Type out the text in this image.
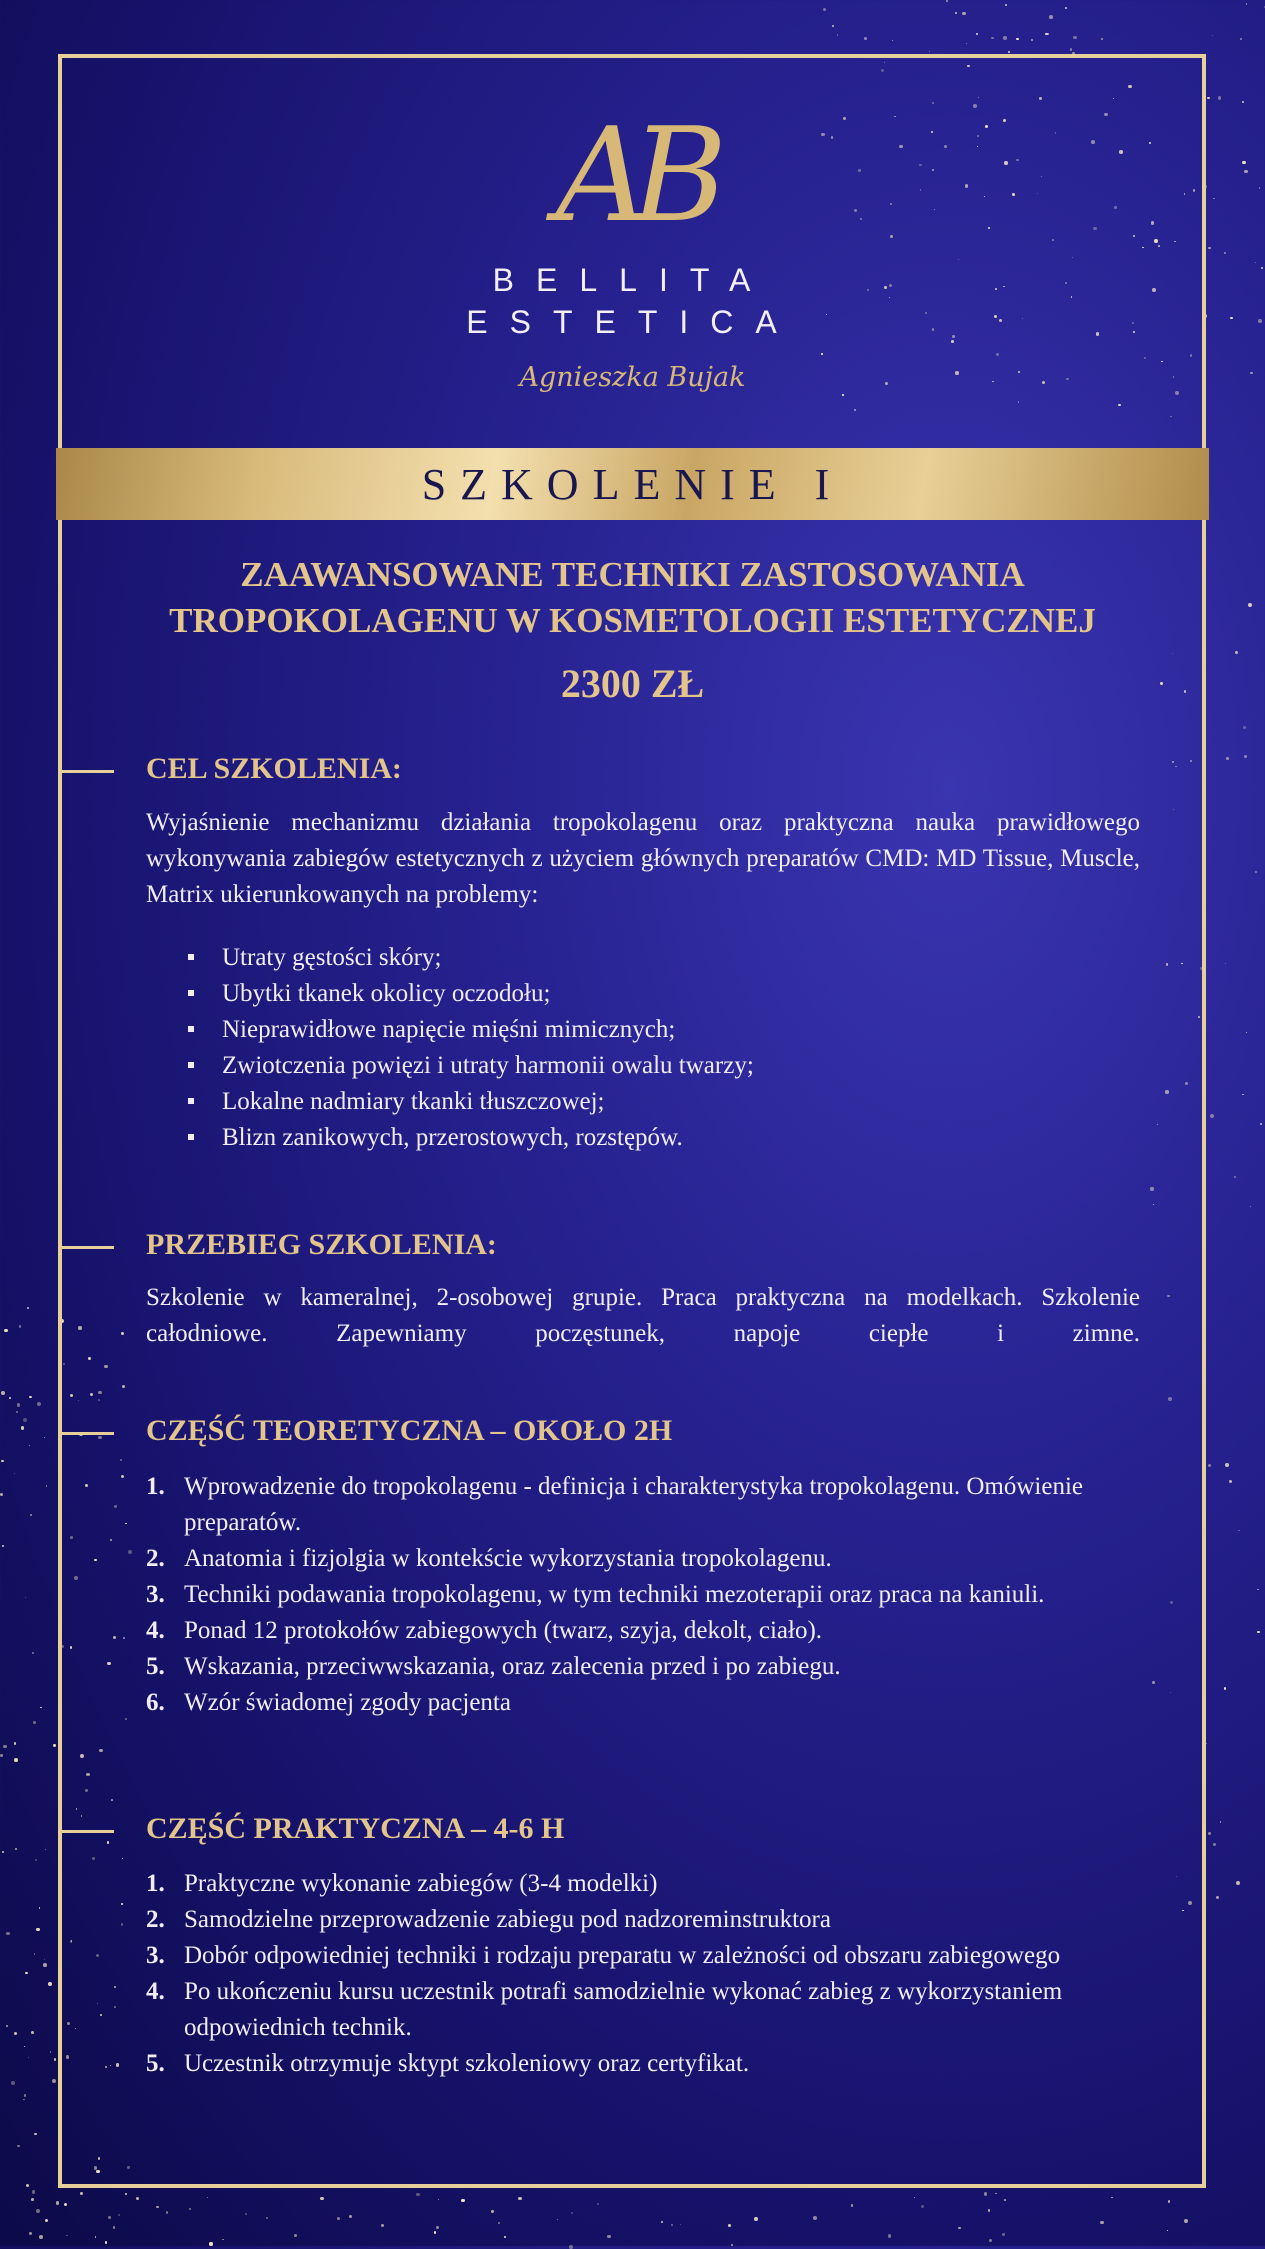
AB
BELLITA
ESTETICA
Agnieszka Bujak
SZKOLENIE I
ZAAWANSOWANE TECHNIKI ZASTOSOWANIA
TROPOKOLAGENU W KOSMETOLOGII ESTETYCZNEJ
2300 ZŁ
CEL SZKOLENIA:
Wyjaśnienie mechanizmu działania tropokolagenu oraz praktyczna nauka prawidłowego wykonywania zabiegów estetycznych z użyciem głównych preparatów CMD: MD Tissue, Muscle, Matrix ukierunkowanych na problemy:
Utraty gęstości skóry;
Ubytki tkanek okolicy oczodołu;
Nieprawidłowe napięcie mięśni mimicznych;
Zwiotczenia powięzi i utraty harmonii owalu twarzy;
Lokalne nadmiary tkanki tłuszczowej;
Blizn zanikowych, przerostowych, rozstępów.
PRZEBIEG SZKOLENIA:
Szkolenie w kameralnej, 2-osobowej grupie. Praca praktyczna na modelkach. Szkolenie całodniowe. Zapewniamy poczęstunek, napoje ciepłe i zimne.
CZĘŚĆ TEORETYCZNA – OKOŁO 2H
1. Wprowadzenie do tropokolagenu - definicja i charakterystyka tropokolagenu. Omówienie preparatów.
2. Anatomia i fizjolgia w kontekście wykorzystania tropokolagenu.
3. Techniki podawania tropokolagenu, w tym techniki mezoterapii oraz praca na kaniuli.
4. Ponad 12 protokołów zabiegowych (twarz, szyja, dekolt, ciało).
5. Wskazania, przeciwwskazania, oraz zalecenia przed i po zabiegu.
6. Wzór świadomej zgody pacjenta
CZĘŚĆ PRAKTYCZNA – 4-6 H
1. Praktyczne wykonanie zabiegów (3-4 modelki)
2. Samodzielne przeprowadzenie zabiegu pod nadzoreminstruktora
3. Dobór odpowiedniej techniki i rodzaju preparatu w zależności od obszaru zabiegowego
4. Po ukończeniu kursu uczestnik potrafi samodzielnie wykonać zabieg z wykorzystaniem odpowiednich technik.
5. Uczestnik otrzymuje sktypt szkoleniowy oraz certyfikat.
